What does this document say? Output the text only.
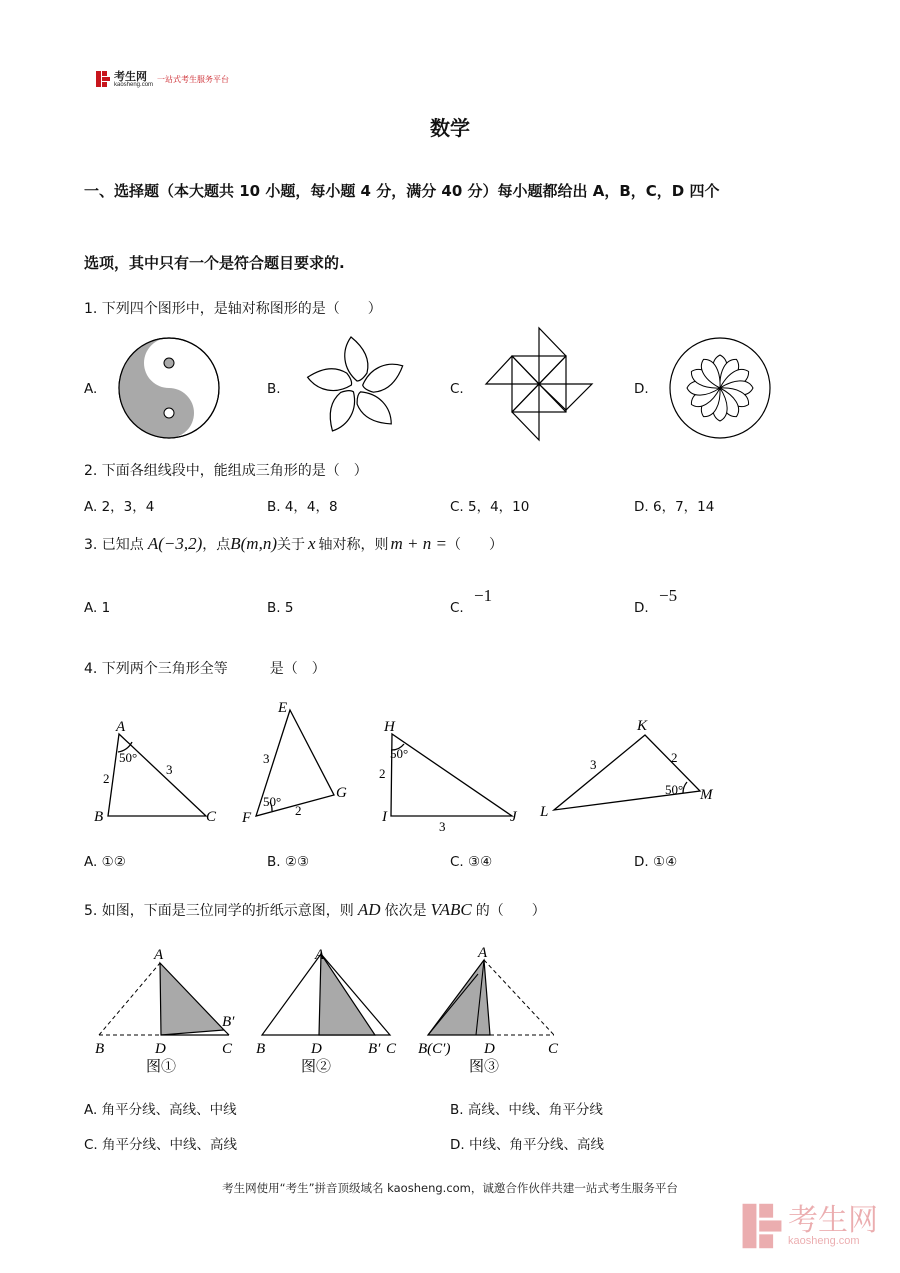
考生网
kaosheng.com
一站式考生服务平台
数学
一、选择题（本大题共 10 小题，每小题 4 分，满分 40 分）每小题都给出 A，B，C，D 四个
选项，其中只有一个是符合题目要求的.
1. 下列四个图形中，是轴对称图形的是（　　）
A.	B.	C.	D.
2. 下面各组线段中，能组成三角形的是（　）
A. 2，3，4	B. 4，4，8	C. 5，4，10	D. 6，7，14
3. 已知点 A(−3,2) ，点 B(m,n) 关于 x 轴对称，则 m + n = （　　）
A. 1	B. 5	C.
−1
D.
−5
4. 下列两个三角形全等　　　是（　）
A
B	C
E
F
G
H
I	J
K
L
M
50°
2
3
3
50°
2
50°
2
3
3	2
50°
A. ①②	B. ②③	C. ③④	D. ①④
5. 如图，下面是三位同学的折纸示意图，则 AD 依次是 VABC 的（　　）
A
B	D	C
B′
A
B	D	B′ C
A
B(C′) D	C
图①	图②	图③
A. 角平分线、高线、中线	B. 高线、中线、角平分线
C. 角平分线、中线、高线	D. 中线、角平分线、高线
考生网使用“考生”拼音顶级域名 kaosheng.com，诚邀合作伙伴共建一站式考生服务平台
考生网
kaosheng.com
